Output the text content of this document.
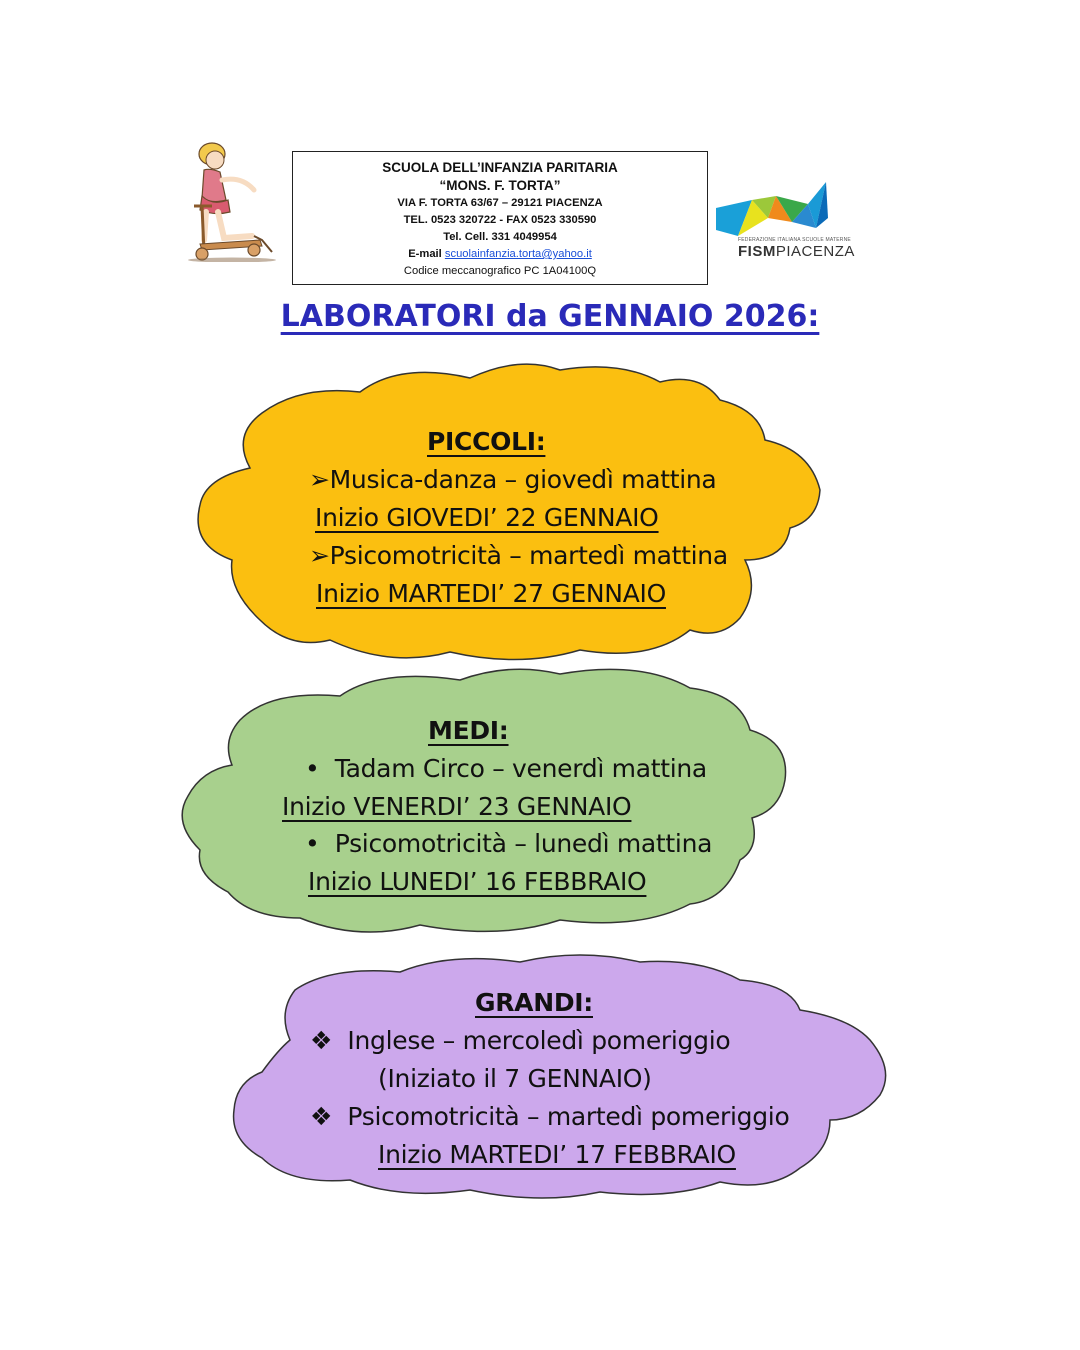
SCUOLA DELL’INFANZIA PARITARIA
“MONS. F. TORTA”
VIA F. TORTA 63/67 – 29121 PIACENZA
TEL. 0523 320722 - FAX 0523 330590
Tel. Cell. 331 4049954
E-mail scuolainfanzia.torta@yahoo.it
Codice meccanografico PC 1A04100Q
FEDERAZIONE ITALIANA SCUOLE MATERNE
FISMPIACENZA
LABORATORI da GENNAIO 2026:
PICCOLI:
➢Musica-danza – giovedì mattina
Inizio GIOVEDI’ 22 GENNAIO
➢Psicomotricità – martedì mattina
Inizio MARTEDI’ 27 GENNAIO
MEDI:
• Tadam Circo – venerdì mattina
Inizio VENERDI’ 23 GENNAIO
• Psicomotricità – lunedì mattina
Inizio LUNEDI’ 16 FEBBRAIO
GRANDI:
❖ Inglese – mercoledì pomeriggio
(Iniziato il 7 GENNAIO)
❖ Psicomotricità – martedì pomeriggio
Inizio MARTEDI’ 17 FEBBRAIO
